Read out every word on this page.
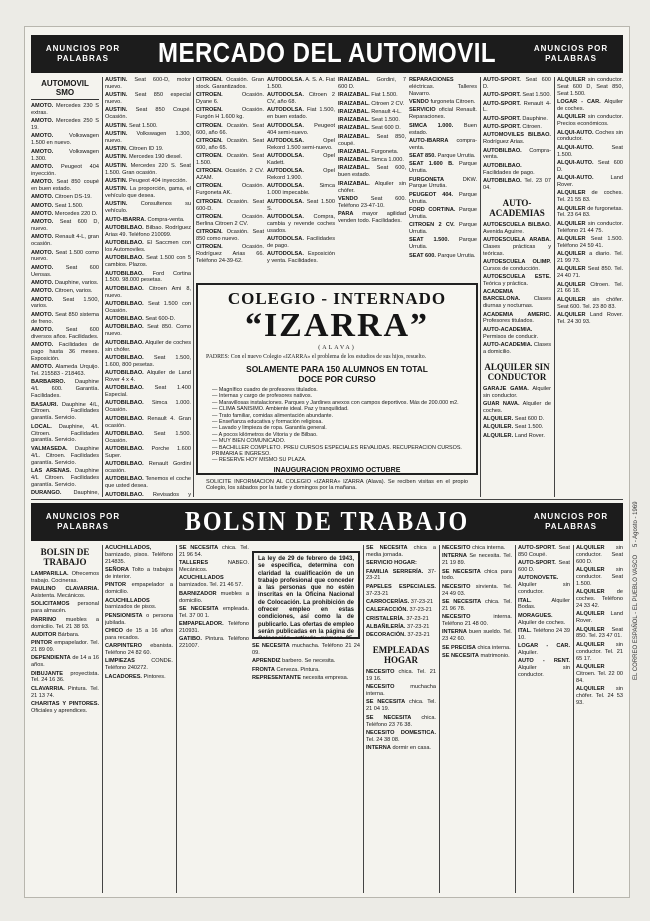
ANUNCIOS POR
PALABRAS	MERCADO DEL AUTOMOVIL	ANUNCIOS POR
PALABRAS
AUTOMOVIL SMO

AMOTO. Mercedes 230 S extras.

AMOTO. Mercedes 250 S 19.

AMOTO.	Volkswagen 1.500 en nuevo.

AMOTO.	Volkswagen 1.300.

AMOTO. Peugeot 404 inyección.

AMOTO. Seat 850 coupé en buen estado.

AMOTO. Citroen DS-19.

AMOTO. Seat 1.500.

AMOTO. Mercedes 220 D.

AMOTO. Seat 600 D, nuevo.

AMOTO. Renault 4-L, gran ocasión.

AMOTO. Seat 1.500 como nuevo.

AMOTO. Seat 600 Uensas.

AMOTO. Dauphine, varios.

AMOTO. Citroen, varios.

AMOTO. Seat 1.500, varios.

AMOTO. Seat 850 sistema de freno.

AMOTO. Seat 600 diversos años. Facilidades.

AMOTO. Facilidades de pago hasta 36 meses. Exposición.

AMOTO. Alameda Urquijo. Tel. 215583 - 218463.

BARBARRO. Dauphine 4/L 600. Garantía. Facilidades.

BASAURI. Dauphine 4/L, Citroen. Facilidades garantía. Servicio.

LOCAL. Dauphine, 4/L Citroen. Facilidades garantía. Servicio.

VALMASEDA. Dauphine 4/L. Citroen. Facilidades garantía. Servicio.

LAS ARENAS. Dauphine 4/L Citroen. Facilidades garantía. Servicio.

DURANGO. Dauphine,

AUSTIN. Seat 600-D, motor nuevo.

AUSTIN. Seat 850 especial nuevo.

AUSTIN. Seat 850 Coupé. Ocasión.

AUSTIN. Seat 1.500.

AUSTIN. Volkswagen 1.300, nuevo.

AUSTIN. Citroen ID 19.

AUSTIN. Mercedes 190 diesel.

AUSTIN. Mercedes 220 S. Seat 1.500. Gran ocasión.

AUSTIN. Peugeot 404 inyección.

AUSTIN. La proporción, gama, el vehículo que desea.

AUSTIN. Consultenos su vehículo.

AUTO-IBARRA. Compra-venta.

AUTOBILBAO. Bilbao. Rodríguez Arias 49. Teléfono 210099.

AUTOBILBAO. El Saccmen con los Automoviles.

AUTOBILBAO. Seat 1.500 con 5 cambios. Plazos.

AUTOBILBAO. Ford Cortina 1.500. 98.000 pesetas.

AUTOBILBAO. Citroen Ami 8, nuevo.

AUTOBILBAO. Seat 1.500 con Ocasión.

AUTOBILBAO. Seat 600-D.

AUTOBILBAO. Seat 850. Como nuevo.

AUTOBILBAO. Alquiler de coches sin chófer.

AUTOBILBAO. Seat 1.500, 1.600, 800 pesetas.

AUTOBILBAO. Alquiler de Land Rover 4 x 4.

AUTOBILBAO. Seat 1.400 Especial.

AUTOBILBAO. Simca 1.000. Ocasión.

AUTOBILBAO. Renault 4. Gran ocasión.

AUTOBILBAO. Seat 1.500. Ocasión.

AUTOBILBAO. Porche 1.600 Super.

AUTOBILBAO. Renault Gordini ocasión.

AUTOBILBAO. Tenemos el coche que usted desea.

AUTOBILBAO. Revisados y

CITROEN. Ocasión. Gran stock. Garantizados.

CITROEN.	Ocasión. Dyane 6.

CITROEN.	Ocasión. Furgón H 1.600 kg.

CITROEN. Ocasión. Seat 600, año 66.

CITROEN. Ocasión. Seat 600, año 65.

CITROEN. Ocasión. Seat 1.500.

CITROEN. Ocasión. 2 CV. AZAM.

CITROEN.	Ocasión. Furgoneta AK.

CITROEN. Ocasión. Seat 600-D.

CITROEN.	Ocasión. Berlina Citroen 2 CV.

CITROEN. Ocasión. Seat 850 como nuevo.

CITROEN.	Ocasión. Rodríguez Arias 66. Teléfono 24-39-62.

AUTODOLSA. A. S. A. Fiat 1.500.

AUTODOLSA. Citroen 2 CV, año 68.

AUTODOLSA. Fiat 1.500, en buen estado.

AUTODOLSA. Peugeot 404 semi-nuevo.

AUTODOLSA.	Opel Rekord 1.500 semi-nuevo.

AUTODOLSA.	Opel Kadett.

AUTODOLSA.	Opel Rekord 1.900.

AUTODOLSA.	Simca 1.000 impecable.

AUTODOLSA. Seat 1.500 S.

AUTODOLSA. Compra, cambia y revende coches usados.

AUTODOLSA. Facilidades de pago.

AUTODOLSA. Exposición y venta. Facilidades.

IRAIZABAL. Gordini, 7 600 D.

IRAIZABAL. Fiat 1.500.

IRAIZABAL. Citroen 2 CV.

IRAIZABAL. Renault 4-L.

IRAIZABAL. Seat 1.500.

IRAIZABAL. Seat 600 D.

IRAIZABAL. Seat 850, coupé.

IRAIZABAL. Furgoneta.

IRAIZABAL. Simca 1.000.

IRAIZABAL. Seat 600, buen estado.

IRAIZABAL. Alquiler sin chófer.

VENDO Seat 600. Teléfono 23-47-10.

PARA mayor agilidad venden todo. Facilidades.

REPARACIONES eléctricas. Talleres Navarro.

VENDO furgoneta Citroen.

SERVICIO oficial Renault. Reparaciones.

SIMCA 1.000. Buen estado.

AUTO-IBARRA compra-venta.

SEAT 850. Parque Urrutia.

SEAT 1.600 B. Parque Urrutia.

FURGONETA	DKW. Parque Urrutia.

PEUGEOT 404. Parque Urrutia.

FORD CORTINA. Parque Urrutia.

CITROEN 2 CV. Parque Urrutia.

SEAT 1.500. Parque Urrutia.

SEAT 600. Parque Urrutia.

AUTO-SPORT. Seat 600 D.

AUTO-SPORT. Seat 1.500.

AUTO-SPORT. Renault 4-L.

AUTO-SPORT. Dauphine.

AUTO-SPORT. Citroen.

AUTOMOVILES BILBAO. Rodríguez Arias.

AUTOBILBAO. Compra-venta.

AUTOBILBAO. Facilidades de pago.

AUTOBILBAO. Tel. 23 07 04.

AUTO-ACADEMIAS

AUTOESCUELA BILBAO. Avenida Aguirre.

AUTOESCUELA ARABA. Clases prácticas y teóricas.

AUTOESCUELA OLIMP. Cursos de conducción.

AUTOESCUELA ESTE. Teórica y práctica.

ACADEMIA BARCELONA. Clases diurnas y nocturnas.

ACADEMIA AMERIC. Profesores titulados.

AUTO-ACADEMIA. Permisos de conducir.

AUTO-ACADEMIA. Clases a domicilio.

ALQUILER SIN CONDUCTOR

GARAJE GAMA. Alquiler sin conductor.

GUAR NAVA. Alquiler de coches.

ALQUILER. Seat 600 D.

ALQUILER. Seat 1.500.

ALQUILER. Land Rover.

ALQUILER sin conductor. Seat 600 D, Seat 850, Seat 1.500.

LOGAR - CAR. Alquiler de coches.

ALQUILER sin conductor. Precios económicos.

ALQUI-AUTO. Coches sin conductor.

ALQUI-AUTO.	Seat 1.500.

ALQUI-AUTO. Seat 600 D.

ALQUI-AUTO.	Land Rover.

ALQUILER de coches. Tel. 21 55 83.

ALQUILER de furgonetas. Tel. 23 64 83.

ALQUILER sin conductor. Teléfono 21 44 75.

ALQUILER Seat 1.500. Teléfono 24 59 41.

ALQUILER a diario. Tel. 21 99 73.

ALQUILER Seat 850. Tel. 24 40 71.

ALQUILER Citroen. Tel. 21 66 18.

ALQUILER sin chófer. Seat 600. Tel. 23 80 83.

ALQUILER Land Rover. Tel. 24 30 93.

COLEGIO - INTERNADO
“IZARRA”
(ALAVA)
PADRES: Con el nuevo Colegio «IZARRA» el problema de los estudios de sus hijos, resuelto.
SOLAMENTE PARA 150 ALUMNOS EN TOTAL
DOCE POR CURSO
— Magnífico cuadro de profesores titulados.
— Internas y cargo de profesores nativos.
— Maravillosas instalaciones. Parques y Jardines anexos con campos deportivos. Más de 200.000 m2.
— CLIMA SANISIMO. Ambiente ideal. Paz y tranquilidad.
— Trato familiar, comidas alimentación abundante.
— Enseñanza educativa y formación religiosa.
— Lavado y limpieza de ropa. Garantía general.
— A pocos kilómetros de Vitoria y de Bilbao.
— MUY BIEN COMUNICADO.
— BACHILLER COMPLETO. PREU CURSOS ESPECIALES REVALIDAS. RECUPERACION CURSOS. PRIMARIA E INGRESO.
— RESERVE HOY MISMO SU PLAZA.
INAUGURACION PROXIMO OCTUBRE
SOLICITE INFORMACION AL COLEGIO «IZARRA» IZARRA (Alava). Se reciben visitas en el propio Colegio, los sábados por la tarde y domingos por la mañana.
ANUNCIOS POR
PALABRAS	BOLSIN DE TRABAJO	ANUNCIOS POR
PALABRAS
BOLSIN DE TRABAJO

LAMPARILLA. Ofrecemos trabajo. Cocineras.

PAULINO CLAVARRIA. Asistenta. Mecánicos.

SOLICITAMOS personal para almacén.

PARRINO muebles a domicilio. Tel. 21 38 93.

AUDITOR Bárbara.

PINTOR empapelador. Tel. 21 89 09.

DEPENDIENTA de 14 a 16 años.

DIBUJANTE proyectista. Tel. 24 16 36.

CLAVARRIA. Pintura. Tel. 21 13 74.

CHARITAS Y PINTORES. Oficiales y aprendices.

ACUCHILLADOS, barnizado, pisos. Teléfono 214835.

SEÑORA Tolto a trabajos de interior.

PINTOR empapelador a domicilio.

ACUCHILLADOS barnizados de pisos.

PENSIONISTA o persona jubilada.

CHICO de 15 a 16 años para recados.

CARPINTERO ebanista. Teléfono 24 82 60.

LIMPIEZAS	CONDE. Teléfono 240272.

LACADORES. Pintores.

La ley de 29 de febrero de 1943, se especifica, determina con claridad la cualificación de un trabajo profesional que conceder a las personas que no estén inscritas en la Oficina Nacional de Colocación. La prohibición de ofrecer empleo en estas condiciones, así como la de publicarlo. Las ofertas de empleo serán publicadas en la página de

SE NECESITA chica. Tel. 21 96 54.

TALLERES	NABEO. Mecánicos.

ACUCHILLADOS barnizados. Tel. 21 46 57.

BARNIZADOR muebles a domicilio.

SE NECESITA empleada. Tel. 37 00 1.

EMPAPELADOR. Teléfono 210931.

GATIBO. Pintura. Teléfono 221007.	SE NECESITA muchacha. Teléfono 21 24 09.

APRENDIZ barbero. Se necesita.

FRONTA Cerveza. Pintura.

REPRESENTANTE necesita empresa.

SE NECESITA chica a media jornada.

SERVICIO HOGAR:

FAMILIA SERRERÍA. 37-23-21

PAPELES ESPECIALES. 37-23-21

CARROCERÍAS. 37-23-21

CALEFACCIÓN. 37-23-21

CRISTALERÍA. 37-23-21

ALBAÑILERÍA. 37-23-21

DECORACIÓN. 37-23-21

EMPLEADAS HOGAR

NECESITO chica. Tel. 21 19 16.

NECESITO	muchacha interna.

SE NECESITA chica. Tel. 21 04 19.

SE NECESITA chica. Teléfono 23 76 38.

NECESITO DOMESTICA. Tel. 24 38 08.

INTERNA dormir en casa.

NECESITO chica interna.

INTERNA Se necesita. Tel. 21 19 89.

SE NECESITA chica para todo.

NECESITO sirvienta. Tel. 24 49 03.

SE NECESITA chica. Tel. 21 96 78.

NECESITO	interna. Teléfono 21 48 00.

INTERNA buen sueldo. Tel. 23 42 60.

SE PRECISA chica interna.

SE NECESITA matrimonio.

AUTO-SPORT. Seat 850 Coupé.

AUTO-SPORT. Seat 600 D.

AUTONOVETE. Alquiler sin conductor.

ITAL.	Alquiler Bodas.

MORAGUES. Alquiler de coches.

ITAL. Teléfono 24 39 10.

LOGAR - CAR. Alquiler.

AUTO - RENT. Alquiler sin conductor.

ALQUILER sin conductor. Seat 600 D.

ALQUILER sin conductor. Seat 1.500.

ALQUILER de coches. Teléfono 24 33 42.

ALQUILER Land Rover.

ALQUILER Seat 850. Tel. 23 47 01.

ALQUILER sin conductor. Tel. 21 65 17.

ALQUILER Citroen. Tel. 22 00 84.

ALQUILER sin chófer. Tel. 24 53 93.

EL CORREO ESPAÑOL - EL PUEBLO VASCO 5 - Agosto - 1969
